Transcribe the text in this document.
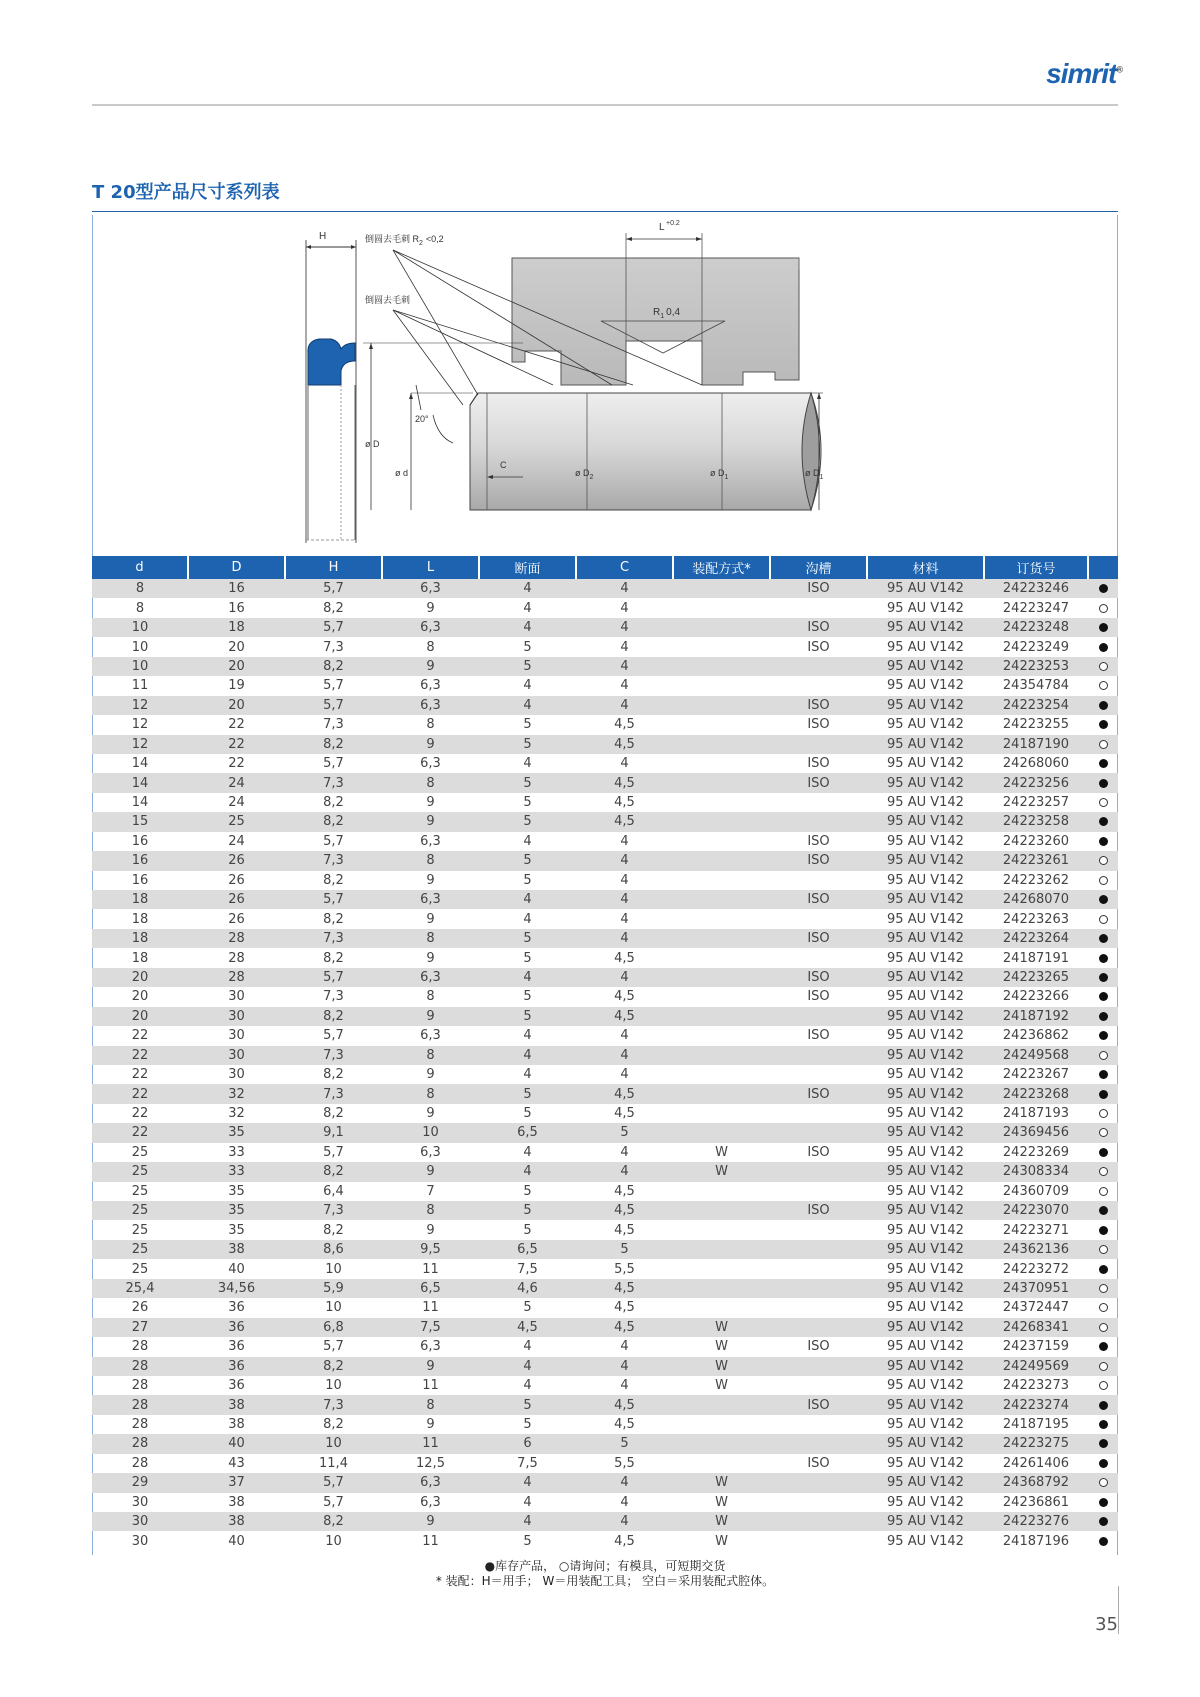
simrit®
T 20型产品尺寸系列表
H
L +0.2
$R_1$ 0,4
倒圆去毛刺 $R_2 <0,2$
倒圆去毛刺
20°
ø D
ø d
C
ø $D_2$	ø $D_1$	ø $D_1$
d	D	H	L	断面	C	装配方式*	沟槽	材料	订货号	
8	16	5,7	6,3	4	4		ISO	95 AU V142	24223246	
8	16	8,2	9	4	4			95 AU V142	24223247	
10	18	5,7	6,3	4	4		ISO	95 AU V142	24223248	
10	20	7,3	8	5	4		ISO	95 AU V142	24223249	
10	20	8,2	9	5	4			95 AU V142	24223253	
11	19	5,7	6,3	4	4			95 AU V142	24354784	
12	20	5,7	6,3	4	4		ISO	95 AU V142	24223254	
12	22	7,3	8	5	4,5		ISO	95 AU V142	24223255	
12	22	8,2	9	5	4,5			95 AU V142	24187190	
14	22	5,7	6,3	4	4		ISO	95 AU V142	24268060	
14	24	7,3	8	5	4,5		ISO	95 AU V142	24223256	
14	24	8,2	9	5	4,5			95 AU V142	24223257	
15	25	8,2	9	5	4,5			95 AU V142	24223258	
16	24	5,7	6,3	4	4		ISO	95 AU V142	24223260	
16	26	7,3	8	5	4		ISO	95 AU V142	24223261	
16	26	8,2	9	5	4			95 AU V142	24223262	
18	26	5,7	6,3	4	4		ISO	95 AU V142	24268070	
18	26	8,2	9	4	4			95 AU V142	24223263	
18	28	7,3	8	5	4		ISO	95 AU V142	24223264	
18	28	8,2	9	5	4,5			95 AU V142	24187191	
20	28	5,7	6,3	4	4		ISO	95 AU V142	24223265	
20	30	7,3	8	5	4,5		ISO	95 AU V142	24223266	
20	30	8,2	9	5	4,5			95 AU V142	24187192	
22	30	5,7	6,3	4	4		ISO	95 AU V142	24236862	
22	30	7,3	8	4	4			95 AU V142	24249568	
22	30	8,2	9	4	4			95 AU V142	24223267	
22	32	7,3	8	5	4,5		ISO	95 AU V142	24223268	
22	32	8,2	9	5	4,5			95 AU V142	24187193	
22	35	9,1	10	6,5	5			95 AU V142	24369456	
25	33	5,7	6,3	4	4	W	ISO	95 AU V142	24223269	
25	33	8,2	9	4	4	W		95 AU V142	24308334	
25	35	6,4	7	5	4,5			95 AU V142	24360709	
25	35	7,3	8	5	4,5		ISO	95 AU V142	24223070	
25	35	8,2	9	5	4,5			95 AU V142	24223271	
25	38	8,6	9,5	6,5	5			95 AU V142	24362136	
25	40	10	11	7,5	5,5			95 AU V142	24223272	
25,4	34,56	5,9	6,5	4,6	4,5			95 AU V142	24370951	
26	36	10	11	5	4,5			95 AU V142	24372447	
27	36	6,8	7,5	4,5	4,5	W		95 AU V142	24268341	
28	36	5,7	6,3	4	4	W	ISO	95 AU V142	24237159	
28	36	8,2	9	4	4	W		95 AU V142	24249569	
28	36	10	11	4	4	W		95 AU V142	24223273	
28	38	7,3	8	5	4,5		ISO	95 AU V142	24223274	
28	38	8,2	9	5	4,5			95 AU V142	24187195	
28	40	10	11	6	5			95 AU V142	24223275	
28	43	11,4	12,5	7,5	5,5		ISO	95 AU V142	24261406	
29	37	5,7	6,3	4	4	W		95 AU V142	24368792	
30	38	5,7	6,3	4	4	W		95 AU V142	24236861	
30	38	8,2	9	4	4	W		95 AU V142	24223276	
30	40	10	11	5	4,5	W		95 AU V142	24187196	
●库存产品， ○请询问；有模具，可短期交货
* 装配：H＝用手； W＝用装配工具； 空白＝采用装配式腔体。
35
